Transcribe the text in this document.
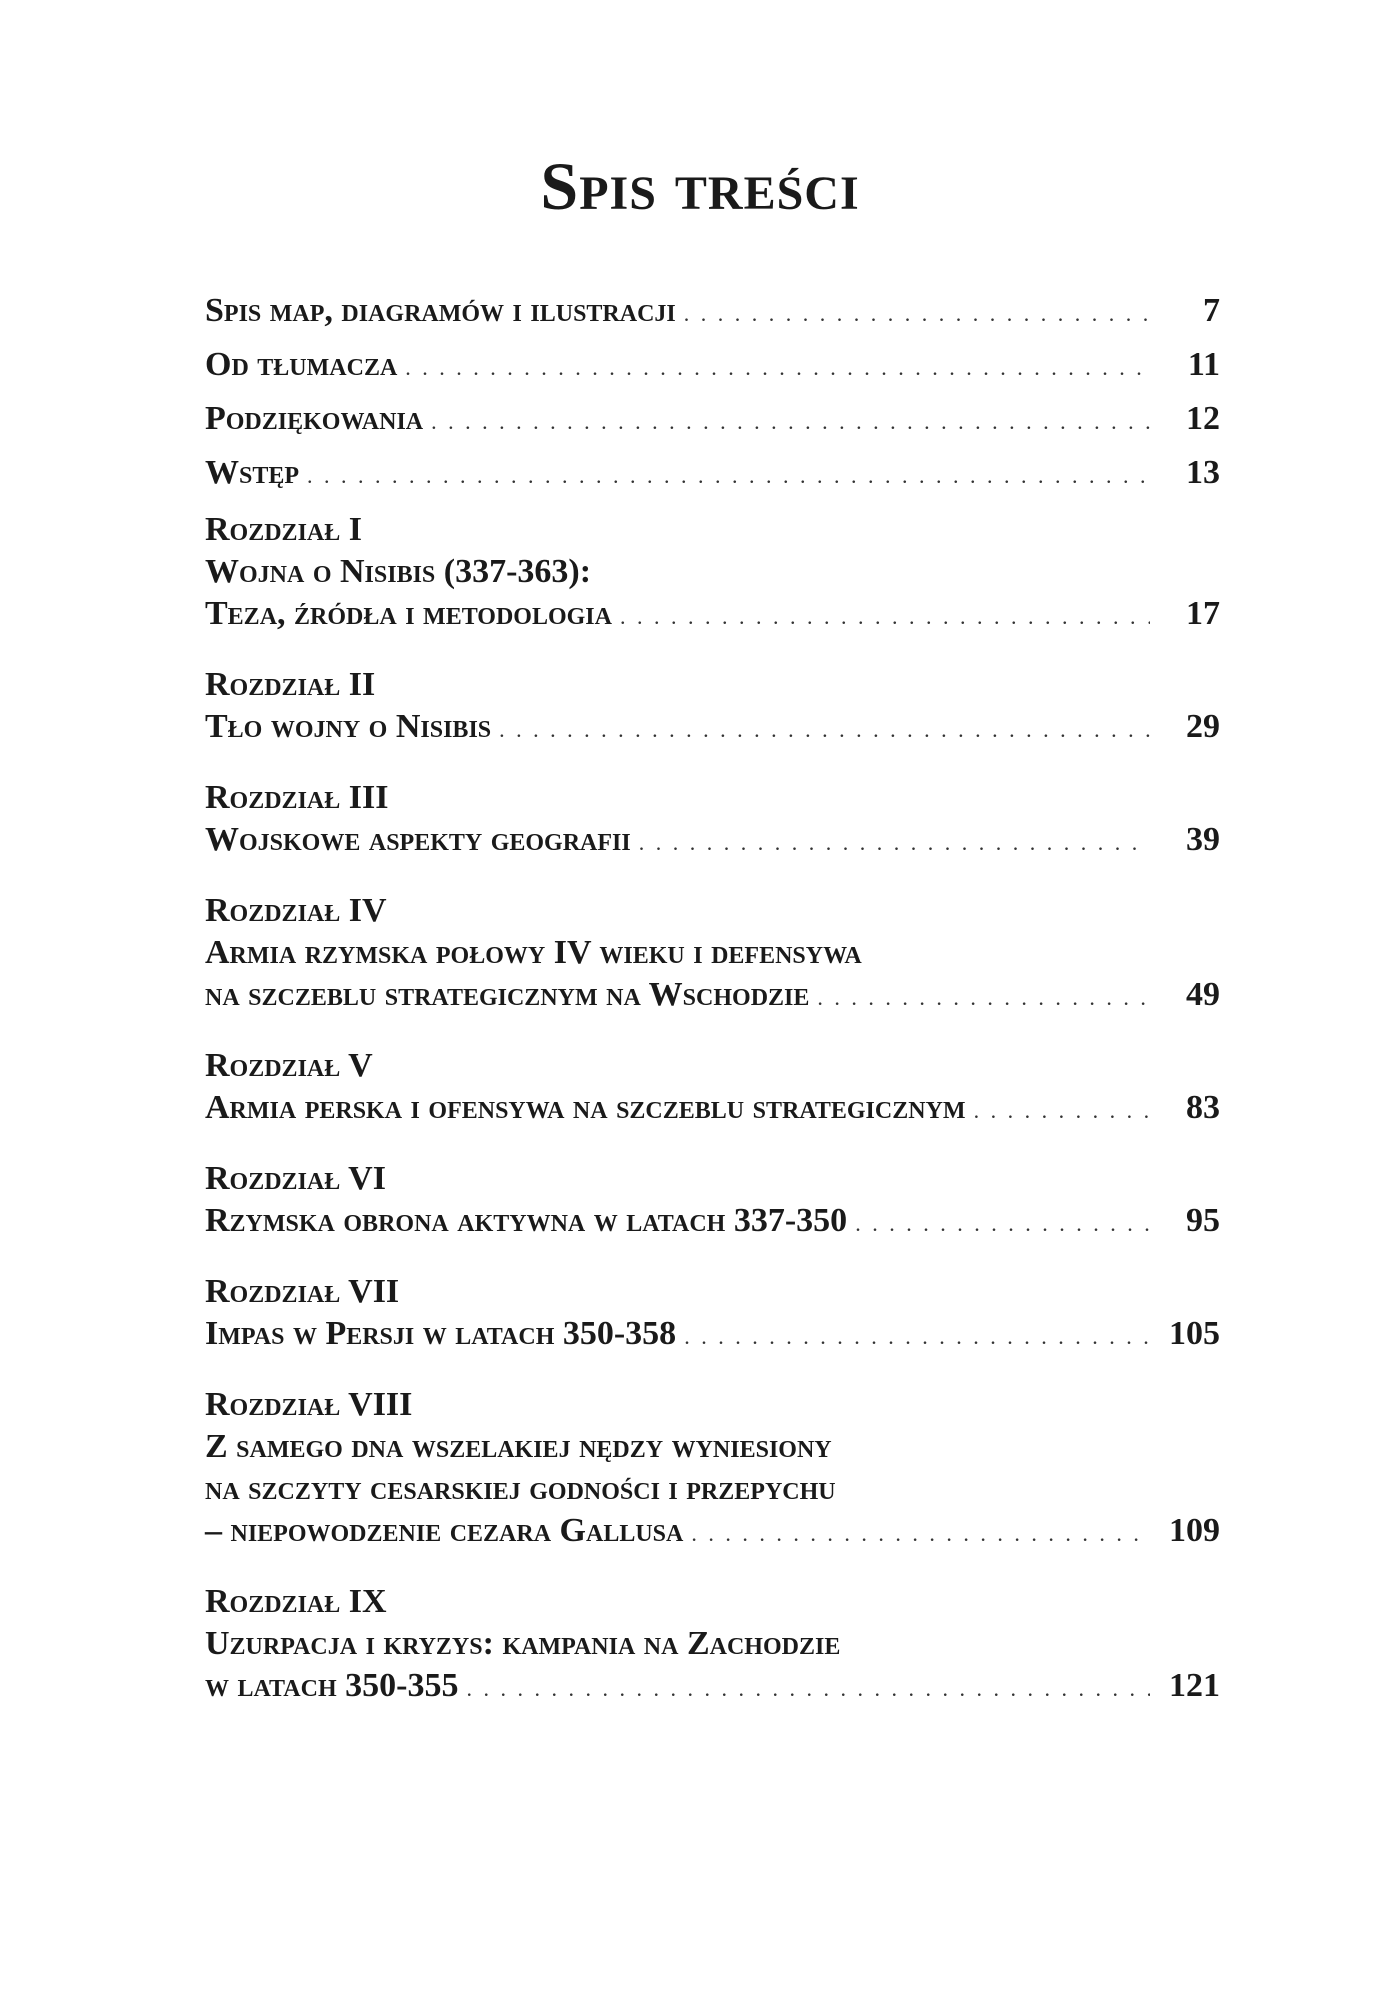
Spis treści
Spis map, diagramów i ilustracji . . .	7
Od tłumacza . . .	11
Podziękowania . . .	12
Wstęp . . .	13
Rozdział I
Wojna o Nisibis (337-363):
Teza, źródła i metodologia . . .	17
Rozdział II
Tło wojny o Nisibis . . .	29
Rozdział III
Wojskowe aspekty geografii . . .	39
Rozdział IV
Armia rzymska połowy IV wieku i defensywa
na szczeblu strategicznym na Wschodzie . . .	49
Rozdział V
Armia perska i ofensywa na szczeblu strategicznym . . .	83
Rozdział VI
Rzymska obrona aktywna w latach 337-350 . . .	95
Rozdział VII
Impas w Persji w latach 350-358 . . .	105
Rozdział VIII
Z samego dna wszelakiej nędzy wyniesiony
na szczyty cesarskiej godności i przepychu
– niepowodzenie cezara Gallusa . . .	109
Rozdział IX
Uzurpacja i kryzys: kampania na Zachodzie
w latach 350-355 . . .	121
